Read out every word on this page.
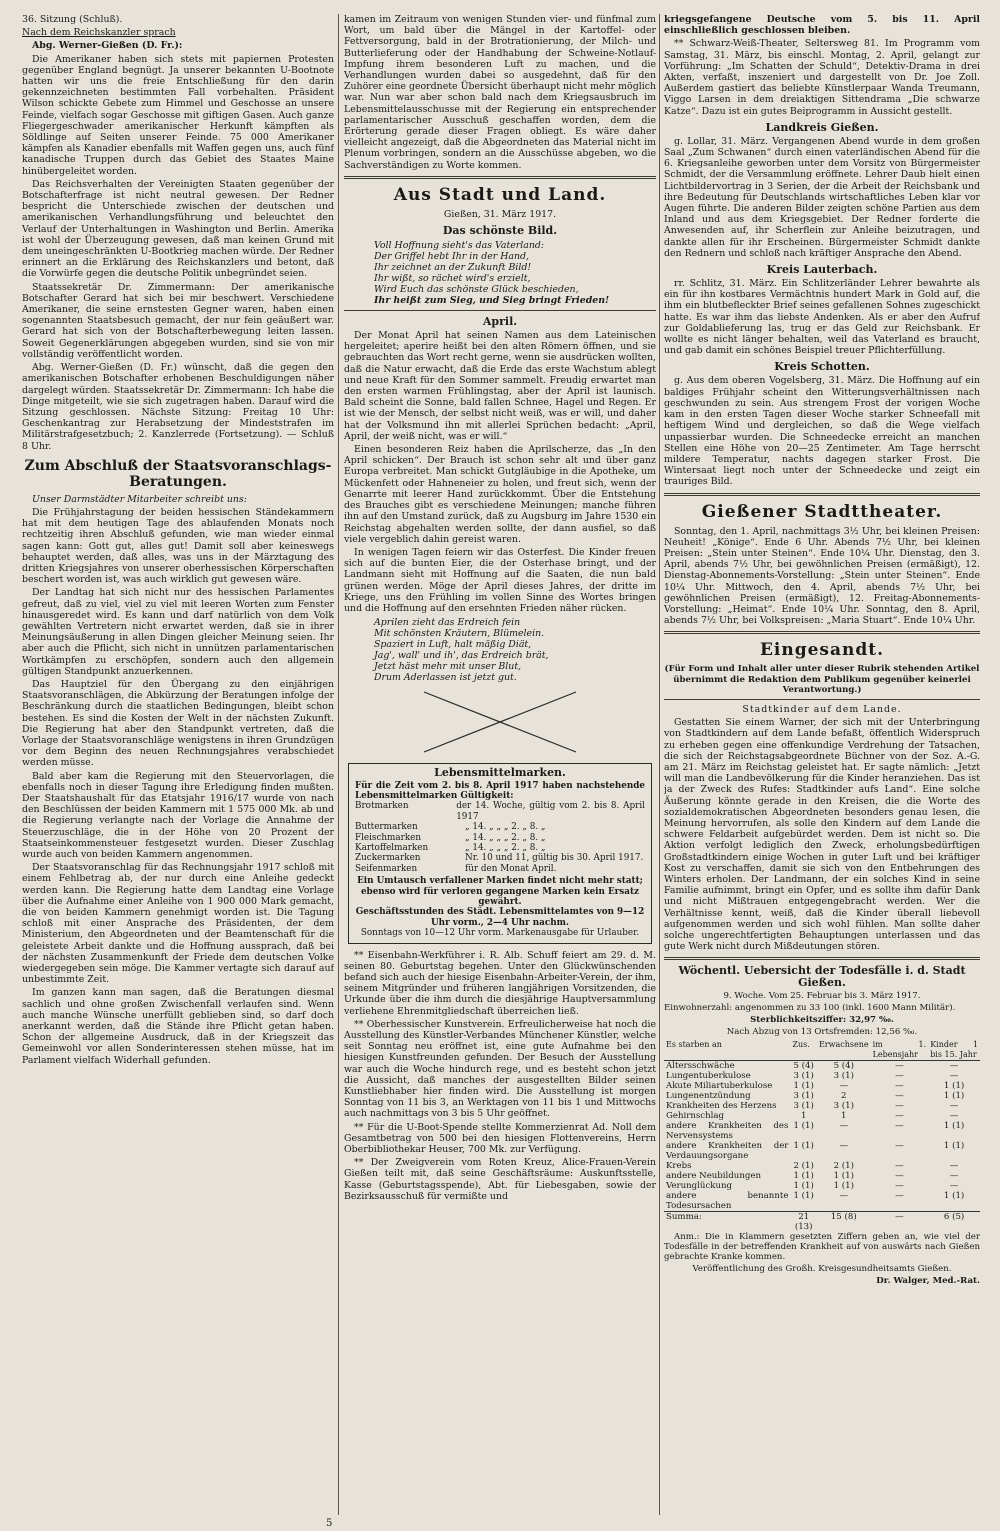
36. Sitzung (Schluß).

Nach dem Reichskanzler sprach

Abg. Werner-Gießen (D. Fr.):

Die Amerikaner haben sich stets mit papiernen Protesten gegenüber England begnügt. Ja unserer bekannten U-Bootnote hatten wir uns die freie Entschließung für den darin gekennzeichneten bestimmten Fall vorbehalten. Präsident Wilson schickte Gebete zum Himmel und Geschosse an unsere Feinde, vielfach sogar Geschosse mit giftigen Gasen. Auch ganze Fliegergeschwader amerikanischer Herkunft kämpften als Söldlinge auf Seiten unserer Feinde. 75 000 Amerikaner kämpfen als Kanadier ebenfalls mit Waffen gegen uns, auch fünf kanadische Truppen durch das Gebiet des Staates Maine hinübergeleitet worden.

Das Reichsverhalten der Vereinigten Staaten gegenüber der Botschafterfrage ist nicht neutral gewesen. Der Redner bespricht die Unterschiede zwischen der deutschen und amerikanischen Verhandlungsführung und beleuchtet den Verlauf der Unterhaltungen in Washington und Berlin. Amerika ist wohl der Überzeugung gewesen, daß man keinen Grund mit dem uneingeschränkten U-Bootkrieg machen würde. Der Redner erinnert an die Erklärung des Reichskanzlers und betont, daß die Vorwürfe gegen die deutsche Politik unbegründet seien.

Staatssekretär Dr. Zimmermann: Der amerikanische Botschafter Gerard hat sich bei mir beschwert. Verschiedene Amerikaner, die seine ernstesten Gegner waren, haben einen sogenannten Staatsbesuch gemacht, der nur fein geäußert war. Gerard hat sich von der Botschafterbewegung leiten lassen. Soweit Gegenerklärungen abgegeben wurden, sind sie von mir vollständig veröffentlicht worden.

Abg. Werner-Gießen (D. Fr.) wünscht, daß die gegen den amerikanischen Botschafter erhobenen Beschuldigungen näher dargelegt würden. Staatssekretär Dr. Zimmermann: Ich habe die Dinge mitgeteilt, wie sie sich zugetragen haben. Darauf wird die Sitzung geschlossen. Nächste Sitzung: Freitag 10 Uhr: Geschenkantrag zur Herabsetzung der Mindeststrafen im Militärstrafgesetzbuch; 2. Kanzlerrede (Fortsetzung). — Schluß 8 Uhr.

Zum Abschluß der Staatsvoranschlags-Beratungen.

Unser Darmstädter Mitarbeiter schreibt uns:

Die Frühjahrstagung der beiden hessischen Ständekammern hat mit dem heutigen Tage des ablaufenden Monats noch rechtzeitig ihren Abschluß gefunden, wie man wieder einmal sagen kann: Gott gut, alles gut! Damit soll aber keineswegs behauptet werden, daß alles, was uns in der Märztagung des dritten Kriegsjahres von unserer oberhessischen Körperschaften beschert worden ist, was auch wirklich gut gewesen wäre.

Der Landtag hat sich nicht nur des hessischen Parlamentes gefreut, daß zu viel, viel zu viel mit leeren Worten zum Fenster hinausgeredet wird. Es kann und darf natürlich von dem Volk gewählten Vertretern nicht erwartet werden, daß sie in ihrer Meinungsäußerung in allen Dingen gleicher Meinung seien. Ihr aber auch die Pflicht, sich nicht in unnützen parlamentarischen Wortkämpfen zu erschöpfen, sondern auch den allgemein gültigen Standpunkt anzuerkennen.

Das Hauptziel für den Übergang zu den einjährigen Staatsvoranschlägen, die Abkürzung der Beratungen infolge der Beschränkung durch die staatlichen Bedingungen, bleibt schon bestehen. Es sind die Kosten der Welt in der nächsten Zukunft. Die Regierung hat aber den Standpunkt vertreten, daß die Vorlage der Staatsvoranschläge wenigstens in ihren Grundzügen vor dem Beginn des neuen Rechnungsjahres verabschiedet werden müsse.

Bald aber kam die Regierung mit den Steuervorlagen, die ebenfalls noch in dieser Tagung ihre Erledigung finden mußten. Der Staatshaushalt für das Etatsjahr 1916/17 wurde von nach den Beschlüssen der beiden Kammern mit 1 575 000 Mk. ab und die Regierung verlangte nach der Vorlage die Annahme der Steuerzuschläge, die in der Höhe von 20 Prozent der Staatseinkommensteuer festgesetzt wurden. Dieser Zuschlag wurde auch von beiden Kammern angenommen.

Der Staatsvoranschlag für das Rechnungsjahr 1917 schloß mit einem Fehlbetrag ab, der nur durch eine Anleihe gedeckt werden kann. Die Regierung hatte dem Landtag eine Vorlage über die Aufnahme einer Anleihe von 1 900 000 Mark gemacht, die von beiden Kammern genehmigt worden ist. Die Tagung schloß mit einer Ansprache des Präsidenten, der dem Ministerium, den Abgeordneten und der Beamtenschaft für die geleistete Arbeit dankte und die Hoffnung aussprach, daß bei der nächsten Zusammenkunft der Friede dem deutschen Volke wiedergegeben sein möge. Die Kammer vertagte sich darauf auf unbestimmte Zeit.

Im ganzen kann man sagen, daß die Beratungen diesmal sachlich und ohne großen Zwischenfall verlaufen sind. Wenn auch manche Wünsche unerfüllt geblieben sind, so darf doch anerkannt werden, daß die Stände ihre Pflicht getan haben. Schon der allgemeine Ausdruck, daß in der Kriegszeit das Gemeinwohl vor allen Sonderinteressen stehen müsse, hat im Parlament vielfach Widerhall gefunden.

kamen im Zeitraum von wenigen Stunden vier- und fünfmal zum Wort, um bald über die Mängel in der Kartoffel- oder Fettversorgung, bald in der Brotrationierung, der Milch- und Butterlieferung oder der Handhabung der Schweine-Notlauf-Impfung ihrem besonderen Luft zu machen, und die Verhandlungen wurden dabei so ausgedehnt, daß für den Zuhörer eine geordnete Übersicht überhaupt nicht mehr möglich war. Nun war aber schon bald nach dem Kriegsausbruch im Lebensmittelausschusse mit der Regierung ein entsprechender parlamentarischer Ausschuß geschaffen worden, dem die Erörterung gerade dieser Fragen obliegt. Es wäre daher vielleicht angezeigt, daß die Abgeordneten das Material nicht im Plenum vorbringen, sondern an die Ausschüsse abgeben, wo die Sachverständigen zu Worte kommen.

Aus Stadt und Land.

Gießen, 31. März 1917.

Das schönste Bild.
Voll Hoffnung sieht's das Vaterland:
Der Griffel hebt Ihr in der Hand,
Ihr zeichnet an der Zukunft Bild!
Ihr wißt, so rächet wird's erzielt,
Wird Euch das schönste Glück beschieden,
Ihr heißt zum Sieg, und Sieg bringt Frieden!
April.

Der Monat April hat seinen Namen aus dem Lateinischen hergeleitet; aperire heißt bei den alten Römern öffnen, und sie gebrauchten das Wort recht gerne, wenn sie ausdrücken wollten, daß die Natur erwacht, daß die Erde das erste Wachstum ablegt und neue Kraft für den Sommer sammelt. Freudig erwartet man den ersten warmen Frühlingstag, aber der April ist launisch. Bald scheint die Sonne, bald fallen Schnee, Hagel und Regen. Er ist wie der Mensch, der selbst nicht weiß, was er will, und daher hat der Volksmund ihn mit allerlei Sprüchen bedacht: „April, April, der weiß nicht, was er will.“

Einen besonderen Reiz haben die Aprilscherze, das „In den April schicken“. Der Brauch ist schon sehr alt und über ganz Europa verbreitet. Man schickt Gutgläubige in die Apotheke, um Mückenfett oder Hahneneier zu holen, und freut sich, wenn der Genarrte mit leerer Hand zurückkommt. Über die Entstehung des Brauches gibt es verschiedene Meinungen; manche führen ihn auf den Umstand zurück, daß zu Augsburg im Jahre 1530 ein Reichstag abgehalten werden sollte, der dann ausfiel, so daß viele vergeblich dahin gereist waren.

In wenigen Tagen feiern wir das Osterfest. Die Kinder freuen sich auf die bunten Eier, die der Osterhase bringt, und der Landmann sieht mit Hoffnung auf die Saaten, die nun bald grünen werden. Möge der April dieses Jahres, der dritte im Kriege, uns den Frühling im vollen Sinne des Wortes bringen und die Hoffnung auf den ersehnten Frieden näher rücken.

Aprilen zieht das Erdreich fein
Mit schönsten Kräutern, Blümelein.
Spaziert in Luft, halt mäßig Diät,
Jag', wall' und ih', das Erdreich brät,
Jetzt häst mehr mit unser Blut,
Drum Aderlassen ist jetzt gut.
Lebensmittelmarken.
Für die Zeit vom 2. bis 8. April 1917 haben nachstehende Lebensmittelmarken Gültigkeit:
Brotmarken	der 14. Woche, gültig vom 2. bis 8. April 1917
Buttermarken	„ 14. „ „ „ 2. „ 8. „
Fleischmarken	„ 14. „ „ „ 2. „ 8. „
Kartoffelmarken	„ 14. „ „ „ 2. „ 8. „
Zuckermarken	Nr. 10 und 11, gültig bis 30. April 1917.
Seifenmarken	für den Monat April.
Ein Umtausch verfallener Marken findet nicht mehr statt; ebenso wird für verloren gegangene Marken kein Ersatz gewährt.
Geschäftsstunden des Städt. Lebensmittelamtes von 9—12 Uhr vorm., 2—4 Uhr nachm.
Sonntags von 10—12 Uhr vorm. Markenausgabe für Urlauber.

** Eisenbahn-Werkführer i. R. Alb. Schuff feiert am 29. d. M. seinen 80. Geburtstag begehen. Unter den Glückwünschenden befand sich auch der hiesige Eisenbahn-Arbeiter-Verein, der ihm, seinem Mitgründer und früheren langjährigen Vorsitzenden, die Urkunde über die ihm durch die diesjährige Hauptversammlung verliehene Ehrenmitgliedschaft überreichen ließ.

** Oberhessischer Kunstverein. Erfreulicherweise hat noch die Ausstellung des Künstler-Verbandes Münchener Künstler, welche seit Sonntag neu eröffnet ist, eine gute Aufnahme bei den hiesigen Kunstfreunden gefunden. Der Besuch der Ausstellung war auch die Woche hindurch rege, und es besteht schon jetzt die Aussicht, daß manches der ausgestellten Bilder seinen Kunstliebhaber hier finden wird. Die Ausstellung ist morgen Sonntag von 11 bis 3, an Werktagen von 11 bis 1 und Mittwochs auch nachmittags von 3 bis 5 Uhr geöffnet.

** Für die U-Boot-Spende stellte Kommerzienrat Ad. Noll dem Gesamtbetrag von 500 bei den hiesigen Flottenvereins, Herrn Oberbibliothekar Heuser, 700 Mk. zur Verfügung.

** Der Zweigverein vom Roten Kreuz, Alice-Frauen-Verein Gießen teilt mit, daß seine Geschäftsräume: Auskunftsstelle, Kasse (Geburtstagsspende), Abt. für Liebesgaben, sowie der Bezirksausschuß für vermißte und

kriegsgefangene Deutsche vom 5. bis 11. April einschließlich geschlossen bleiben.

** Schwarz-Weiß-Theater, Seltersweg 81. Im Programm vom Samstag, 31. März, bis einschl. Montag, 2. April, gelangt zur Vorführung: „Im Schatten der Schuld“, Detektiv-Drama in drei Akten, verfaßt, inszeniert und dargestellt von Dr. Joe Zoll. Außerdem gastiert das beliebte Künstlerpaar Wanda Treumann, Viggo Larsen in dem dreiaktigen Sittendrama „Die schwarze Katze“. Dazu ist ein gutes Beiprogramm in Aussicht gestellt.

Landkreis Gießen.

g. Lollar, 31. März. Vergangenen Abend wurde in dem großen Saal „Zum Schwanen“ durch einen vaterländischen Abend für die 6. Kriegsanleihe geworben unter dem Vorsitz von Bürgermeister Schmidt, der die Versammlung eröffnete. Lehrer Daub hielt einen Lichtbildervortrag in 3 Serien, der die Arbeit der Reichsbank und ihre Bedeutung für Deutschlands wirtschaftliches Leben klar vor Augen führte. Die anderen Bilder zeigten schöne Partien aus dem Inland und aus dem Kriegsgebiet. Der Redner forderte die Anwesenden auf, ihr Scherflein zur Anleihe beizutragen, und dankte allen für ihr Erscheinen. Bürgermeister Schmidt dankte den Rednern und schloß nach kräftiger Ansprache den Abend.

Kreis Lauterbach.

rr. Schlitz, 31. März. Ein Schlitzerländer Lehrer bewahrte als ein für ihn kostbares Vermächtnis hundert Mark in Gold auf, die ihm ein blutbefleckter Brief seines gefallenen Sohnes zugeschickt hatte. Es war ihm das liebste Andenken. Als er aber den Aufruf zur Goldablieferung las, trug er das Geld zur Reichsbank. Er wollte es nicht länger behalten, weil das Vaterland es braucht, und gab damit ein schönes Beispiel treuer Pflichterfüllung.

Kreis Schotten.

g. Aus dem oberen Vogelsberg, 31. März. Die Hoffnung auf ein baldiges Frühjahr scheint den Witterungsverhältnissen nach geschwunden zu sein. Aus strengem Frost der vorigen Woche kam in den ersten Tagen dieser Woche starker Schneefall mit heftigem Wind und dergleichen, so daß die Wege vielfach unpassierbar wurden. Die Schneedecke erreicht an manchen Stellen eine Höhe von 20—25 Zentimeter. Am Tage herrscht mildere Temperatur, nachts dagegen starker Frost. Die Wintersaat liegt noch unter der Schneedecke und zeigt ein trauriges Bild.

Gießener Stadttheater.

Sonntag, den 1. April, nachmittags 3½ Uhr, bei kleinen Preisen: Neuheit! „Könige“. Ende 6 Uhr. Abends 7½ Uhr, bei kleinen Preisen: „Stein unter Steinen“. Ende 10¼ Uhr. Dienstag, den 3. April, abends 7½ Uhr, bei gewöhnlichen Preisen (ermäßigt), 12. Dienstag-Abonnements-Vorstellung: „Stein unter Steinen“. Ende 10¼ Uhr. Mittwoch, den 4. April, abends 7½ Uhr, bei gewöhnlichen Preisen (ermäßigt), 12. Freitag-Abonnements-Vorstellung: „Heimat“. Ende 10¼ Uhr. Sonntag, den 8. April, abends 7½ Uhr, bei Volkspreisen: „Maria Stuart“. Ende 10¼ Uhr.

Eingesandt.

(Für Form und Inhalt aller unter dieser Rubrik stehenden Artikel übernimmt die Redaktion dem Publikum gegenüber keinerlei Verantwortung.)

Stadtkinder auf dem Lande.

Gestatten Sie einem Warner, der sich mit der Unterbringung von Stadtkindern auf dem Lande befaßt, öffentlich Widerspruch zu erheben gegen eine offenkundige Verdrehung der Tatsachen, die sich der Reichstagsabgeordnete Büchner von der Soz. A.-G. am 21. März im Reichstag geleistet hat. Er sagte nämlich: „Jetzt will man die Landbevölkerung für die Kinder heranziehen. Das ist ja der Zweck des Rufes: Stadtkinder aufs Land“. Eine solche Äußerung könnte gerade in den Kreisen, die die Worte des sozialdemokratischen Abgeordneten besonders genau lesen, die Meinung hervorrufen, als solle den Kindern auf dem Lande die schwere Feldarbeit aufgebürdet werden. Dem ist nicht so. Die Aktion verfolgt lediglich den Zweck, erholungsbedürftigen Großstadtkindern einige Wochen in guter Luft und bei kräftiger Kost zu verschaffen, damit sie sich von den Entbehrungen des Winters erholen. Der Landmann, der ein solches Kind in seine Familie aufnimmt, bringt ein Opfer, und es sollte ihm dafür Dank und nicht Mißtrauen entgegengebracht werden. Wer die Verhältnisse kennt, weiß, daß die Kinder überall liebevoll aufgenommen werden und sich wohl fühlen. Man sollte daher solche ungerechtfertigten Behauptungen unterlassen und das gute Werk nicht durch Mißdeutungen stören.

Wöchentl. Uebersicht der Todesfälle i. d. Stadt Gießen.

9. Woche. Vom 25. Februar bis 3. März 1917.

Einwohnerzahl: angenommen zu 33 100 (inkl. 1600 Mann Militär).

Sterblichkeitsziffer: 32,97 ‰.

Nach Abzug von 13 Ortsfremden: 12,56 ‰.

Es starben an	Zus.	Erwachsene	im 1. Lebensjahr	Kinder 1 bis 15. Jahr
Altersschwäche	5 (4)	5 (4)	—	—
Lungentuberkulose	3 (1)	3 (1)	—	—
Akute Miliartuberkulose	1 (1)	—	—	1 (1)
Lungenentzündung	3 (1)	2	—	1 (1)
Krankheiten des Herzens	3 (1)	3 (1)	—	—
Gehirnschlag	1	1	—	—
andere Krankheiten des Nervensystems	1 (1)	—	—	1 (1)
andere Krankheiten der Verdauungsorgane	1 (1)	—	—	1 (1)
Krebs	2 (1)	2 (1)	—	—
andere Neubildungen	1 (1)	1 (1)	—	—
Verunglückung	1 (1)	1 (1)	—	—
andere benannte Todesursachen	1 (1)	—	—	1 (1)
Summa:	21 (13)	15 (8)	—	6 (5)

Anm.: Die in Klammern gesetzten Ziffern geben an, wie viel der Todesfälle in der betreffenden Krankheit auf von auswärts nach Gießen gebrachte Kranke kommen.

Veröffentlichung des Großh. Kreisgesundheitsamts Gießen.

Dr. Walger, Med.-Rat.

5
